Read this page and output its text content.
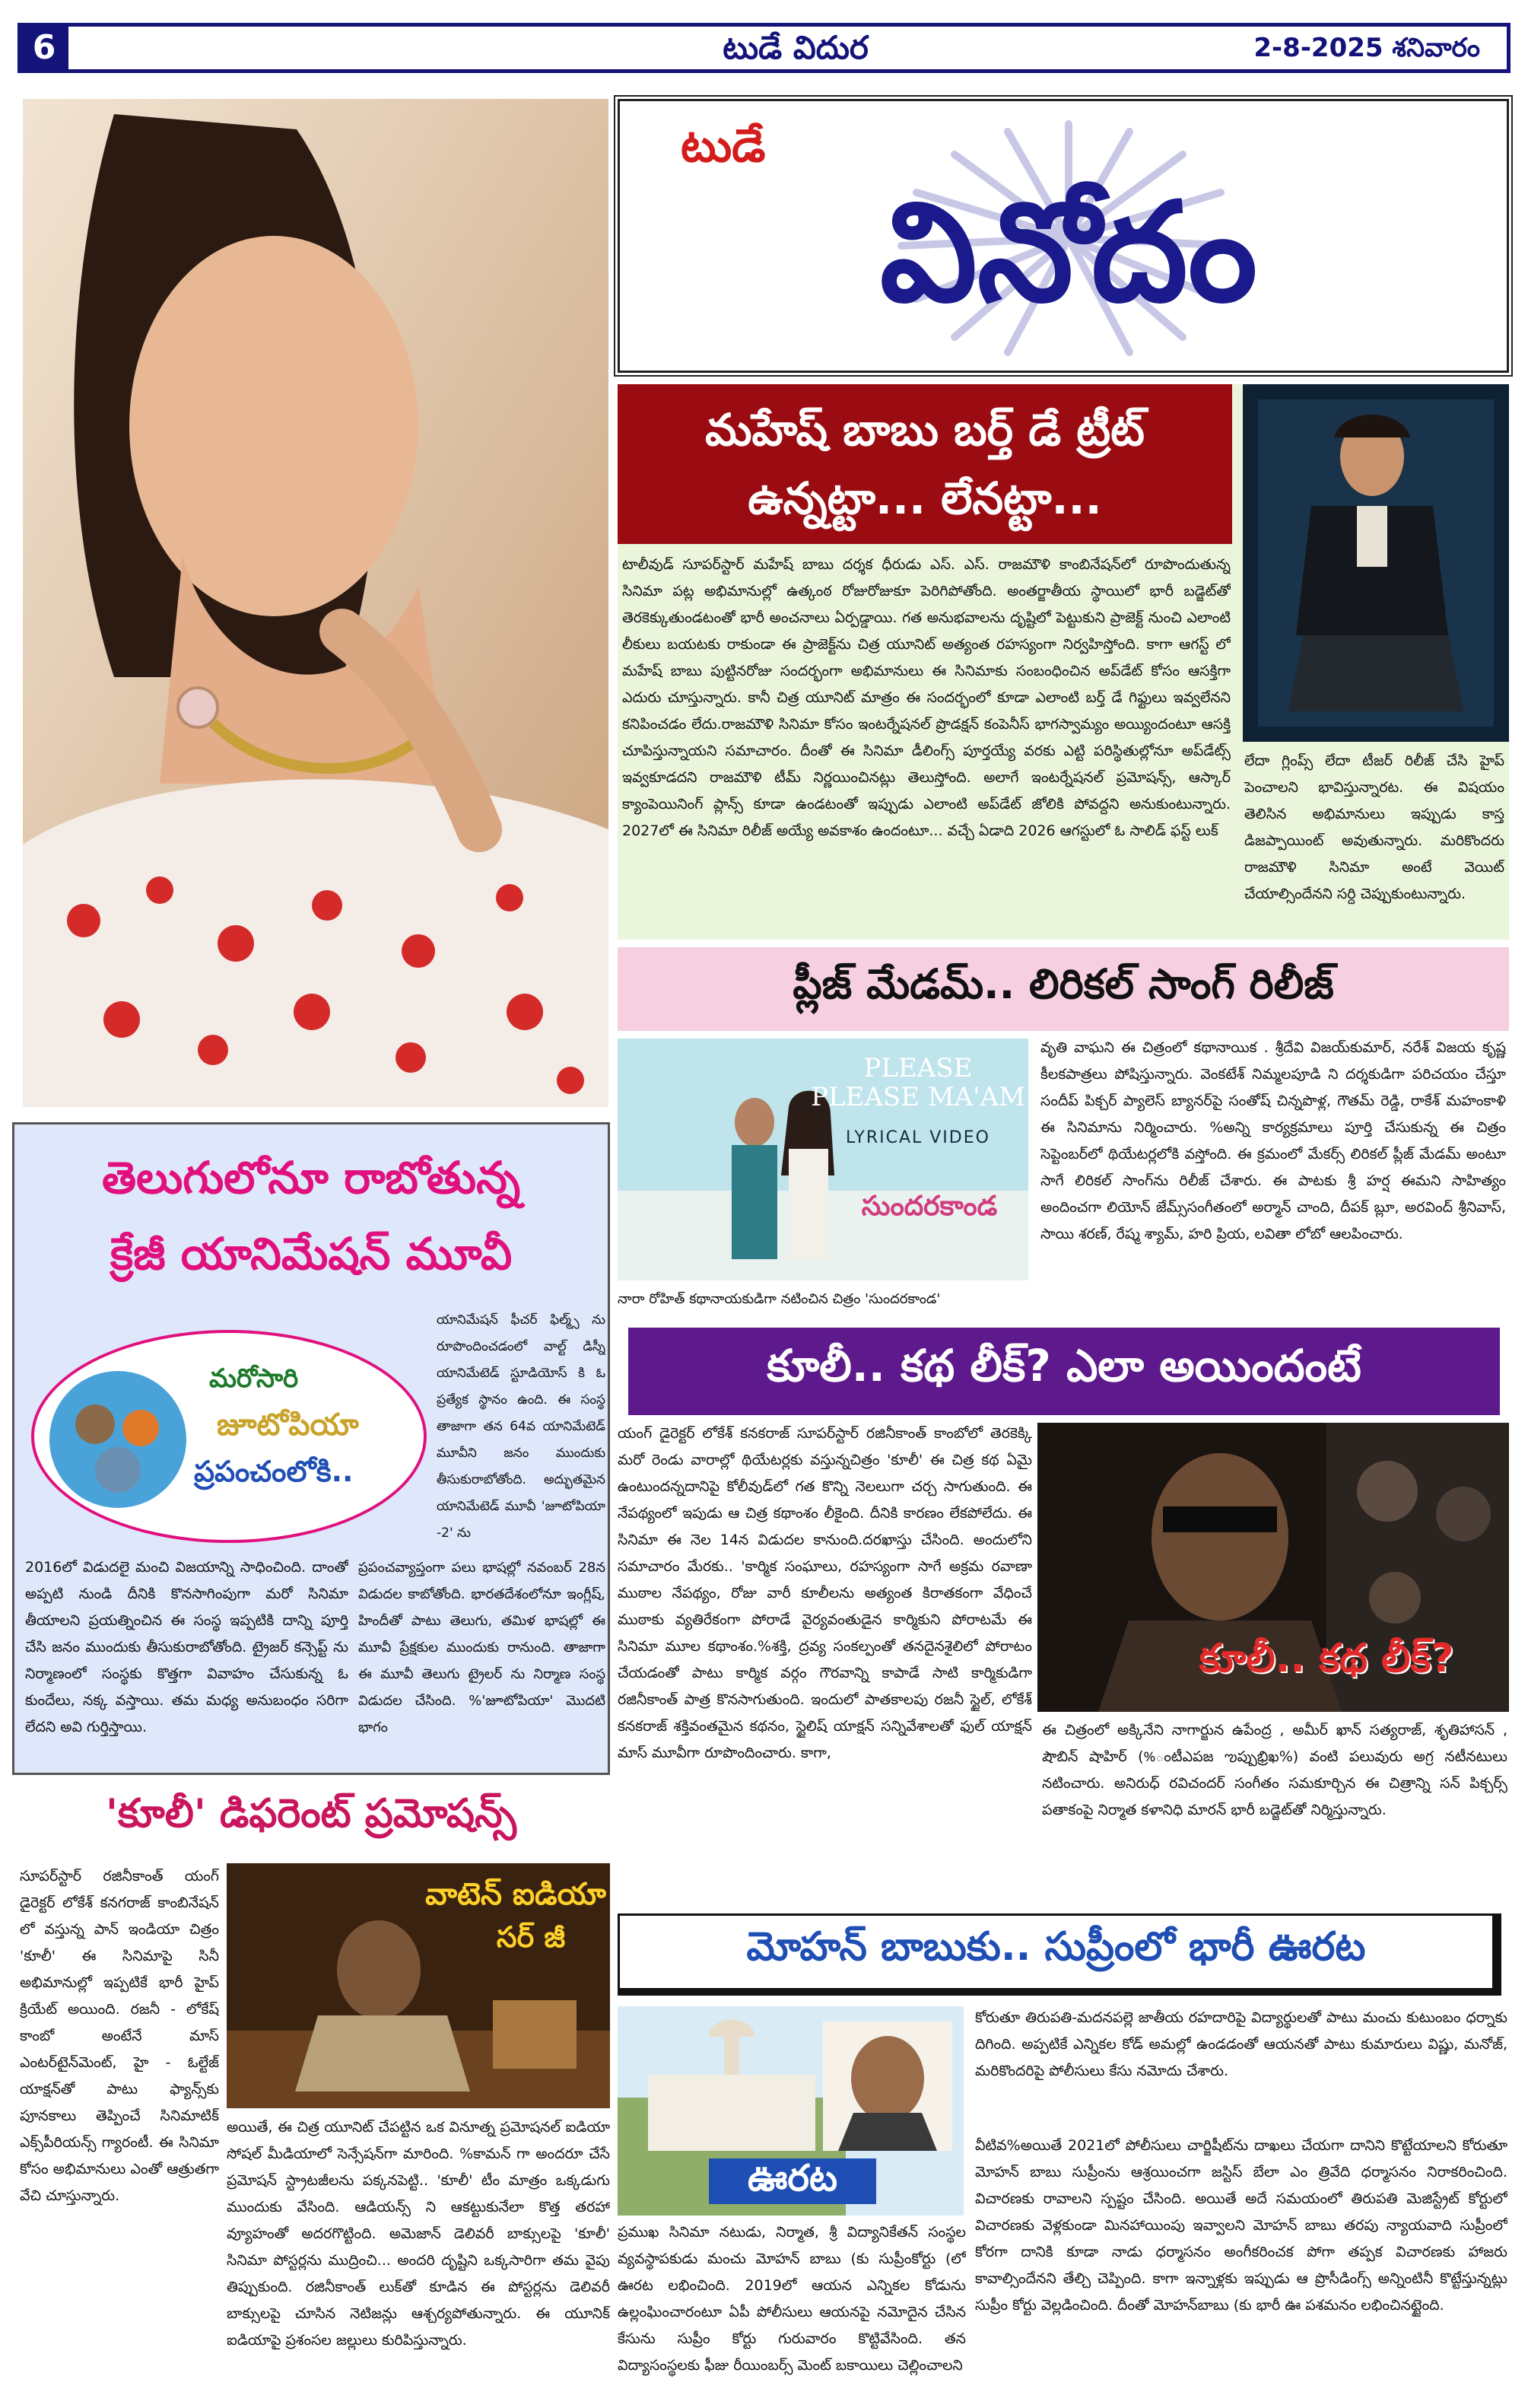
6	టుడే విదుర	2-8-2025 శనివారం
టుడే
వినోదం
మహేష్ బాబు బర్త్ డే ట్రీట్
ఉన్నట్టా... లేనట్టా...
టాలీవుడ్ సూపర్‌స్టార్ మహేష్ బాబు దర్శక ధీరుడు ఎస్. ఎస్. రాజమౌళి కాంబినేషన్‌లో రూపొందుతున్న సినిమా పట్ల అభిమానుల్లో ఉత్కంఠ రోజురోజుకూ పెరిగిపోతోంది. అంతర్జాతీయ స్థాయిలో భారీ బడ్జెట్‌తో తెరకెక్కుతుండటంతో భారీ అంచనాలు ఏర్పడ్డాయి. గత అనుభవాలను దృష్టిలో పెట్టుకుని ప్రాజెక్ట్ నుంచి ఎలాంటి లీకులు బయటకు రాకుండా ఈ ప్రాజెక్ట్‌ను చిత్ర యూనిట్ అత్యంత రహస్యంగా నిర్వహిస్తోంది. కాగా ఆగస్ట్ లో మహేష్ బాబు పుట్టినరోజు సందర్భంగా అభిమానులు ఈ సినిమాకు సంబంధించిన అప్‌డేట్ కోసం ఆసక్తిగా ఎదురు చూస్తున్నారు. కానీ చిత్ర యూనిట్ మాత్రం ఈ సందర్భంలో కూడా ఎలాంటి బర్త్ డే గిఫ్టులు ఇవ్వలేనని కనిపించడం లేదు.రాజమౌళి సినిమా కోసం ఇంటర్నేషనల్ ప్రొడక్షన్ కంపెనీస్ భాగస్వామ్యం అయ్యిందంటూ ఆసక్తి చూపిస్తున్నాయని సమాచారం. దీంతో ఈ సినిమా డీలింగ్స్ పూర్తయ్యే వరకు ఎట్టి పరిస్థితుల్లోనూ అప్‌డేట్స్ ఇవ్వకూడదని రాజమౌళి టీమ్ నిర్ణయించినట్లు తెలుస్తోంది. అలాగే ఇంటర్నేషనల్ ప్రమోషన్స్, ఆస్కార్ క్యాంపెయినింగ్ ప్లాన్స్ కూడా ఉండటంతో ఇప్పుడు ఎలాంటి అప్‌డేట్ జోలికి పోవద్దని అనుకుంటున్నారు. 2027లో ఈ సినిమా రిలీజ్ అయ్యే అవకాశం ఉందంటూ... వచ్చే ఏడాది 2026 ఆగస్టులో ఓ సాలిడ్ ఫస్ట్ లుక్
లేదా గ్లింప్స్ లేదా టీజర్ రిలీజ్ చేసి హైప్ పెంచాలని భావిస్తున్నారట. ఈ విషయం తెలిసిన అభిమానులు ఇప్పుడు కాస్త డిజప్పాయింట్ అవుతున్నారు. మరికొందరు రాజమౌళి సినిమా అంటే వెయిట్ చేయాల్సిందేనని సర్ది చెప్పుకుంటున్నారు.
ప్లీజ్ మేడమ్.. లిరికల్ సాంగ్ రిలీజ్
PLEASE PLEASE MA'AM
LYRICAL VIDEO
సుందరకాండ
నారా రోహిత్ కథానాయకుడిగా నటించిన చిత్రం 'సుందరకాండ'
వృతి వాఘని ఈ చిత్రంలో కథానాయిక . శ్రీదేవి విజయ్‌కుమార్, నరేశ్ విజయ కృష్ణ కీలకపాత్రలు పోషిస్తున్నారు. వెంకటేశ్ నిమ్మలపూడి ని దర్శకుడిగా పరిచయం చేస్తూ సందీప్ పిక్చర్ ప్యాలెస్ బ్యానర్‌పై సంతోష్ చిన్నపొళ్ల, గౌతమ్ రెడ్డి, రాకేశ్ మహంకాళి ఈ సినిమాను నిర్మించారు. %అన్ని కార్యక్రమాలు పూర్తి చేసుకున్న ఈ చిత్రం సెప్టెంబర్‌లో థియేటర్లలోకి వస్తోంది. ఈ క్రమంలో మేకర్స్ లిరికల్ ప్లీజ్ మేడమ్ అంటూ సాగే లిరికల్ సాంగ్‌ను రిలీజ్ చేశారు. ఈ పాటకు శ్రీ హర్ష ఈమని సాహిత్యం అందించగా లియోన్ జేమ్స్‌సంగీతంలో అర్మాన్ చాంది, దీపక్ బ్లూ, అరవింద్ శ్రీనివాస్, సాయి శరణ్, రేష్మ శ్యామ్, హరి ప్రియ, లవితా లోబో ఆలపించారు.
తెలుగులోనూ రాబోతున్న
క్రేజీ యానిమేషన్ మూవీ
మరోసారి
జూటోపియా
ప్రపంచంలోకి..
యానిమేషన్ ఫీచర్ ఫిల్మ్స్ ను రూపొందించడంలో వాల్ట్ డిస్నీ యానిమేటెడ్ స్టూడియోస్ కి ఓ ప్రత్యేక స్థానం ఉంది. ఈ సంస్థ తాజాగా తన 64వ యానిమేటెడ్ మూవీని జనం ముందుకు తీసుకురాబోతోంది. అద్భుతమైన యానిమేటెడ్ మూవీ 'జూటోపియా -2' ను
2016లో విడుదలై మంచి విజయాన్ని సాధించింది. దాంతో అప్పటి నుండి దీనికి కొనసాగింపుగా మరో సినిమా తీయాలని ప్రయత్నించిన ఈ సంస్థ ఇప్పటికి దాన్ని పూర్తి చేసి జనం ముందుకు తీసుకురాబోతోంది. ట్రైజర్ కన్సెప్ట్ ను నిర్మాణంలో సంస్థకు కొత్తగా వివాహం చేసుకున్న ఓ కుందేలు, నక్క వస్తాయి. తమ మధ్య అనుబంధం సరిగా లేదని అవి గుర్తిస్తాయి.
ప్రపంచవ్యాప్తంగా పలు భాషల్లో నవంబర్ 28న విడుదల కాబోతోంది. భారతదేశంలోనూ ఇంగ్లీష్, హిందీతో పాటు తెలుగు, తమిళ భాషల్లో ఈ మూవీ ప్రేక్షకుల ముందుకు రానుంది. తాజాగా ఈ మూవీ తెలుగు ట్రైలర్ ను నిర్మాణ సంస్థ విడుదల చేసింది. %'జూటోపియా' మొదటి భాగం
కూలీ.. కథ లీక్? ఎలా అయిందంటే
కూలీ.. కథ లీక్?
యంగ్ డైరెక్టర్ లోకేశ్ కనకరాజ్ సూపర్‌స్టార్ రజినీకాంత్ కాంబోలో తెరకెక్కి మరో రెండు వారాల్లో థియేటర్లకు వస్తున్నచిత్రం 'కూలీ' ఈ చిత్ర కథ ఏమై ఉంటుందన్నదానిపై కోలీవుడ్‌లో గత కొన్ని నెలలుగా చర్చ సాగుతుంది. ఈ నేపథ్యంలో ఇపుడు ఆ చిత్ర కథాంశం లీకైంది. దీనికి కారణం లేకపోలేదు. ఈ సినిమా ఈ నెల 14న విడుదల కానుంది.దరఖాస్తు చేసింది. అందులోని సమాచారం మేరకు.. 'కార్మిక సంఘాలు, రహస్యంగా సాగే అక్రమ రవాణా ముఠాల నేపథ్యం, రోజు వారీ కూలీలను అత్యంత కిరాతకంగా వేధించే ముఠాకు వ్యతిరేకంగా పోరాడే వైర్యవంతుడైన కార్మికుని పోరాటమే ఈ సినిమా మూల కథాంశం.%శక్తి, ద్రవ్య సంకల్పంతో తనదైనశైలిలో పోరాటం చేయడంతో పాటు కార్మిక వర్గం గౌరవాన్ని కాపాడే సాటి కార్మికుడిగా రజినీకాంత్ పాత్ర కొనసాగుతుంది. ఇందులో పాతకాలపు రజనీ స్టైల్, లోకేశ్ కనకరాజ్ శక్తివంతమైన కథనం, స్టైలిష్ యాక్షన్ సన్నివేశాలతో ఫుల్ యాక్షన్ మాస్ మూవీగా రూపొందించారు. కాగా,
ఈ చిత్రంలో అక్కినేని నాగార్జున ఉపేంద్ర , అమీర్ ఖాన్ సత్యరాజ్, శృతిహాసన్ , షౌబిన్ షాహిర్ (%ంటీఎపజ ఌప్పుభ్రిఖ%) వంటి పలువురు అగ్ర నటీనటులు నటించారు. అనిరుధ్ రవిచందర్ సంగీతం సమకూర్చిన ఈ చిత్రాన్ని సన్ పిక్చర్స్ పతాకంపై నిర్మాత కళానిధి మారన్ భారీ బడ్జెట్‌తో నిర్మిస్తున్నారు.
'కూలీ' డిఫరెంట్ ప్రమోషన్స్
సూపర్‌స్టార్ రజినీకాంత్ యంగ్ డైరెక్టర్ లోకేశ్ కనగరాజ్ కాంబినేషన్ లో వస్తున్న పాన్ ఇండియా చిత్రం 'కూలీ' ఈ సినిమాపై సినీ అభిమానుల్లో ఇప్పటికే భారీ హైప్ క్రియేట్ అయింది. రజనీ - లోకేష్ కాంబో అంటేనే మాస్ ఎంటర్‌టైన్‌మెంట్, హై - ఓల్టేజ్ యాక్షన్‌తో పాటు ఫ్యాన్స్‌కు పూనకాలు తెప్పించే సినిమాటిక్ ఎక్స్‌పీరియన్స్ గ్యారంటీ. ఈ సినిమా కోసం అభిమానులు ఎంతో ఆత్రుతగా వేచి చూస్తున్నారు.
వాటెన్ ఐడియా
సర్ జీ
అయితే, ఈ చిత్ర యూనిట్ చేపట్టిన ఒక వినూత్న ప్రమోషనల్ ఐడియా సోషల్ మీడియాలో సెన్సేషన్‌గా మారింది. %కామన్ గా అందరూ చేసే ప్రమోషన్ స్ట్రాటజీలను పక్కనపెట్టి.. 'కూలీ' టీం మాత్రం ఒక్కడుగు ముందుకు వేసింది. ఆడియన్స్ ని ఆకట్టుకునేలా కొత్త తరహా వ్యూహంతో అదరగొట్టింది. అమెజాన్ డెలివరీ బాక్సులపై 'కూలీ' సినిమా పోస్టర్లను ముద్రించి... అందరి దృష్టిని ఒక్కసారిగా తమ వైపు తిప్పుకుంది. రజినీకాంత్ లుక్‌తో కూడిన ఈ పోస్టర్లను డెలివరీ బాక్సులపై చూసిన నెటిజన్లు ఆశ్చర్యపోతున్నారు. ఈ యూనిక్ ఐడియాపై ప్రశంసల జల్లులు కురిపిస్తున్నారు.
మోహన్ బాబుకు.. సుప్రీంలో భారీ ఊరట
ఊరట
ప్రముఖ సినిమా నటుడు, నిర్మాత, శ్రీ విద్యానికేతన్ సంస్థల వ్యవస్థాపకుడు మంచు మోహన్ బాబు (కు సుప్రీంకోర్టు (లో ఊరట లభించింది. 2019లో ఆయన ఎన్నికల కోడును ఉల్లంఘించారంటూ ఏపీ పోలీసులు ఆయనపై నమోదైన చేసిన కేసును సుప్రీం కోర్టు గురువారం కొట్టివేసింది. తన విద్యాసంస్థలకు ఫీజు రీయింబర్స్ మెంట్ బకాయిలు చెల్లించాలని
కోరుతూ తిరుపతి-మదనపల్లె జాతీయ రహదారిపై విద్యార్థులతో పాటు మంచు కుటుంబం ధర్నాకు దిగింది. అప్పటికే ఎన్నికల కోడ్ అమల్లో ఉండడంతో ఆయనతో పాటు కుమారులు విష్ణు, మనోజ్, మరికొందరిపై పోలీసులు కేసు నమోదు చేశారు.
వీటివ%అయితే 2021లో పోలీసులు చార్జిషీట్‌ను దాఖలు చేయగా దానిని కొట్టేయాలని కోరుతూ మోహన్ బాబు సుప్రీంను ఆశ్రయించగా జస్టిస్ బేలా ఎం త్రివేది ధర్మాసనం నిరాకరించింది. విచారణకు రావాలని స్పష్టం చేసింది. అయితే అదే సమయంలో తిరుపతి మెజిస్ట్రేట్ కోర్టులో విచారణకు వెళ్లకుండా మినహాయింపు ఇవ్వాలని మోహన్ బాబు తరపు న్యాయవాది సుప్రీంలో కోరగా దానికి కూడా నాడు ధర్మాసనం అంగీకరించక పోగా తప్పక విచారణకు హాజరు కావాల్సిందేనని తేల్చి చెప్పింది. కాగా ఇన్నాళ్లకు ఇప్పుడు ఆ ప్రొసీడింగ్స్ అన్నింటినీ కొట్టేస్తున్నట్లు సుప్రీం కోర్టు వెల్లడించింది. దీంతో మోహన్‌బాబు (కు భారీ ఊ పశమనం లభించినట్టైంది.
